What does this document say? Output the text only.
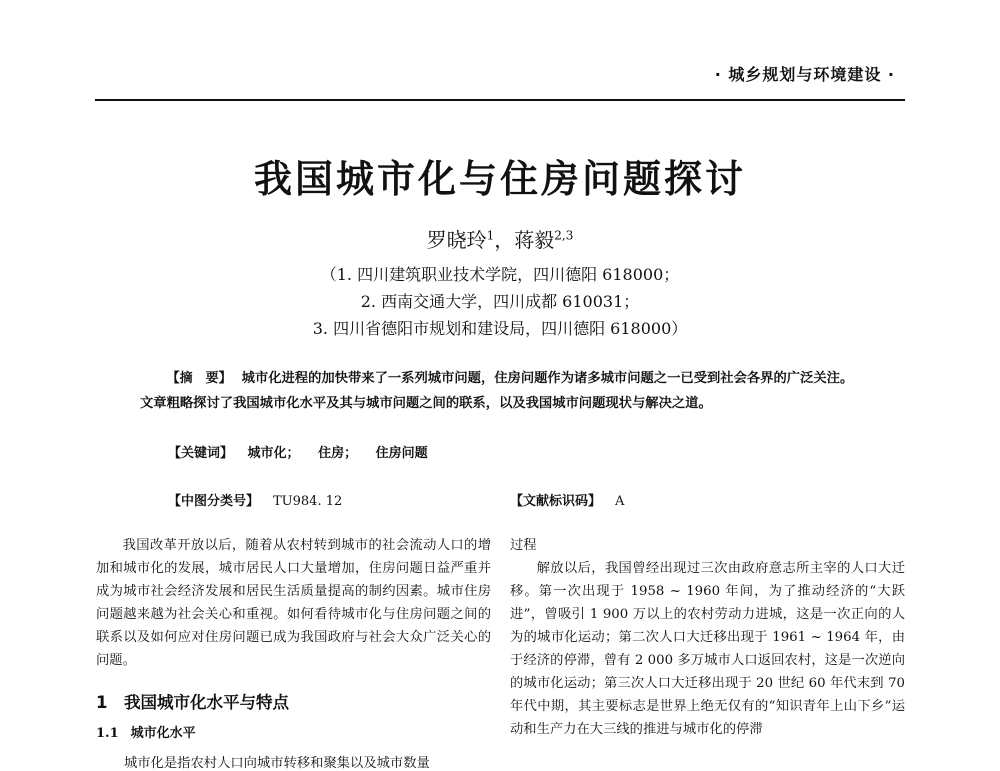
· 城乡规划与环境建设 ·
我国城市化与住房问题探讨
罗晓玲$^1$，蒋毅$^{2,3}$
（1. 四川建筑职业技术学院，四川德阳 618000；
2. 西南交通大学，四川成都 610031；
3. 四川省德阳市规划和建设局，四川德阳 618000）
【摘　要】 城市化进程的加快带来了一系列城市问题，住房问题作为诸多城市问题之一已受到社会各界的广泛关注。文章粗略探讨了我国城市化水平及其与城市问题之间的联系，以及我国城市问题现状与解决之道。
【关键词】 城市化； 住房； 住房问题
【中图分类号】 TU984. 12	【文献标识码】 A

我国改革开放以后，随着从农村转到城市的社会流动人口的增加和城市化的发展，城市居民人口大量增加，住房问题日益严重并成为城市社会经济发展和居民生活质量提高的制约因素。城市住房问题越来越为社会关心和重视。如何看待城市化与住房问题之间的联系以及如何应对住房问题已成为我国政府与社会大众广泛关心的问题。

1　我国城市化水平与特点
1.1 城市化水平
城市化是指农村人口向城市转移和聚集以及城市数量

过程

解放以后，我国曾经出现过三次由政府意志所主宰的人口大迁移。第一次出现于 1958 ~ 1960 年间，为了推动经济的“大跃进”，曾吸引 1 900 万以上的农村劳动力进城，这是一次正向的人为的城市化运动；第二次人口大迁移出现于 1961 ~ 1964 年，由于经济的停滞，曾有 2 000 多万城市人口返回农村，这是一次逆向的城市化运动；第三次人口大迁移出现于 20 世纪 60 年代末到 70 年代中期，其主要标志是世界上绝无仅有的“知识青年上山下乡”运动和生产力在大三线的推进与城市化的停滞
